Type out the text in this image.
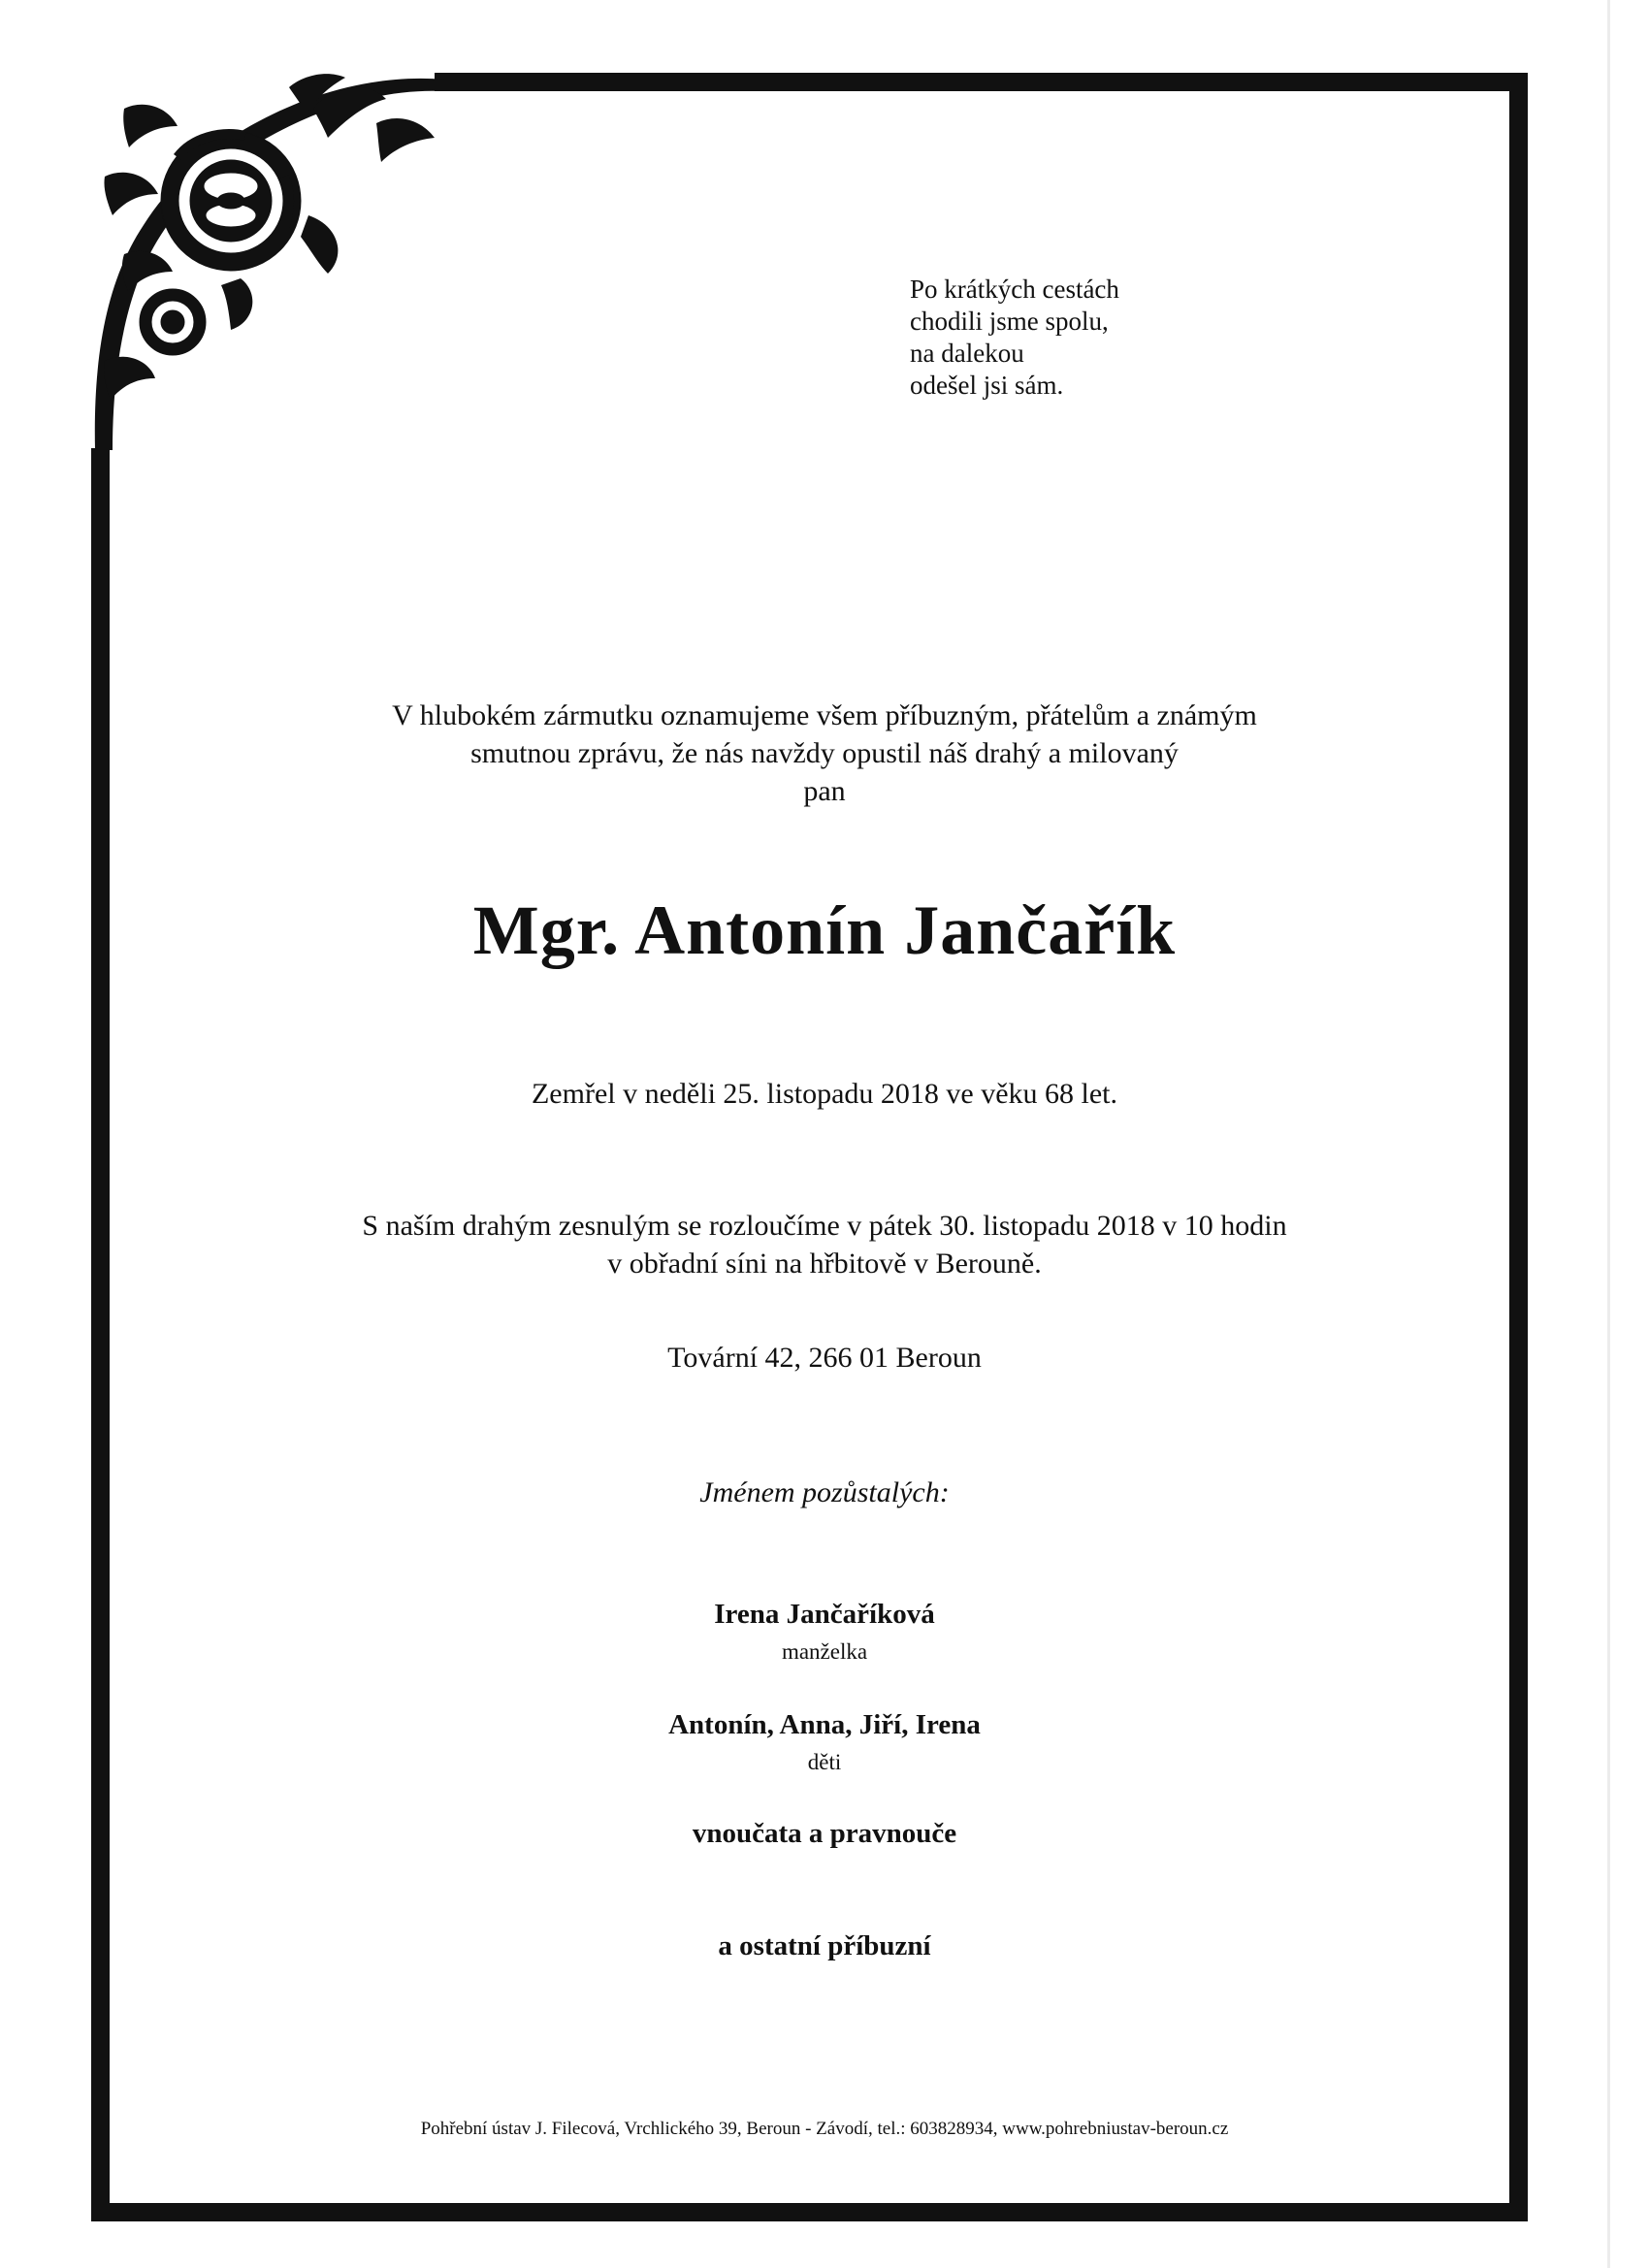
Po krátkých cestách
chodili jsme spolu,
na dalekou
odešel jsi sám.
V hlubokém zármutku oznamujeme všem příbuzným, přátelům a známým
smutnou zprávu, že nás navždy opustil náš drahý a milovaný
pan
Mgr. Antonín Jančařík
Zemřel v neděli 25. listopadu 2018 ve věku 68 let.
S naším drahým zesnulým se rozloučíme v pátek 30. listopadu 2018 v 10 hodin
v obřadní síni na hřbitově v Berouně.
Tovární 42, 266 01 Beroun
Jménem pozůstalých:
Irena Jančaříková
manželka
Antonín, Anna, Jiří, Irena
děti
vnoučata a pravnouče
a ostatní příbuzní
Pohřební ústav J. Filecová, Vrchlického 39, Beroun - Závodí, tel.: 603828934, www.pohrebniustav-beroun.cz
